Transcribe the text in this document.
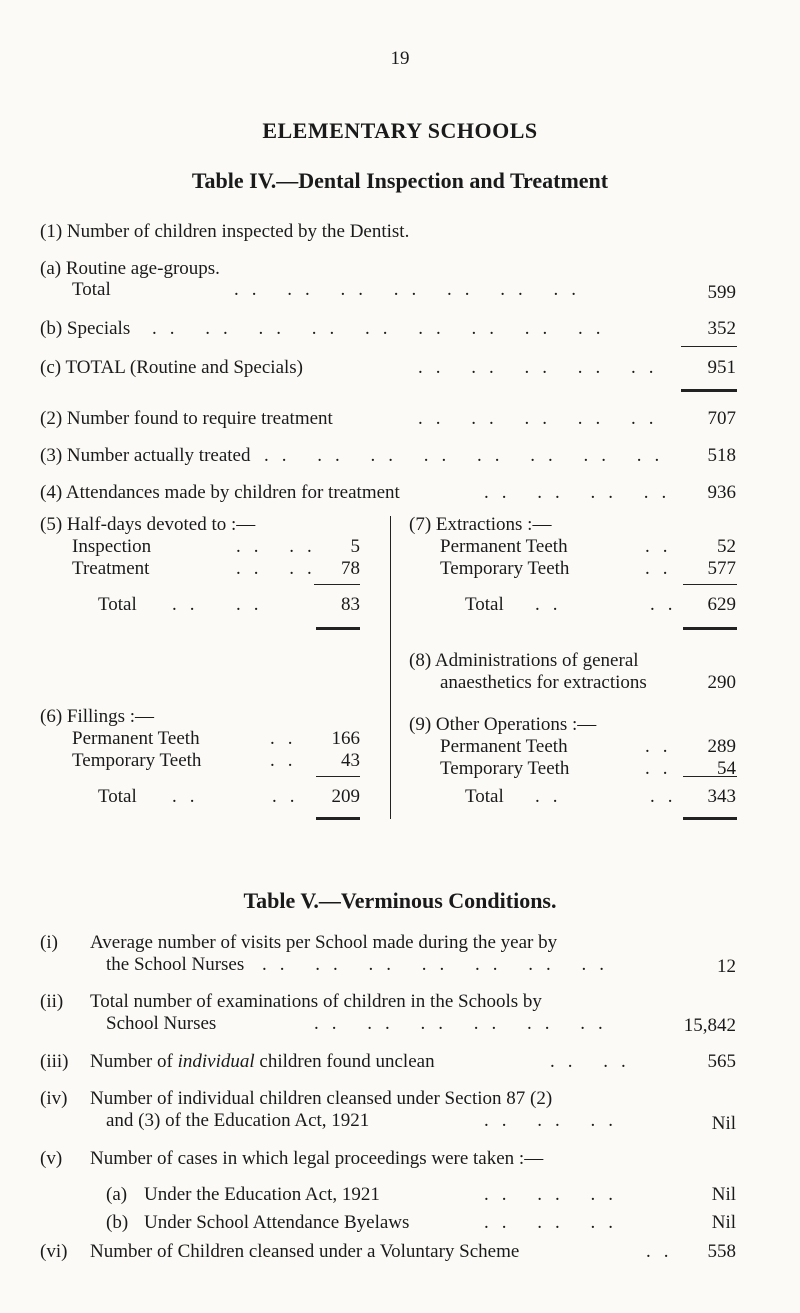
19
ELEMENTARY SCHOOLS
Table IV.—Dental Inspection and Treatment
(1) Number of children inspected by the Dentist.
(a) Routine age-groups.
Total	.. .. .. .. .. .. ..	599
(b) Specials .. .. .. .. .. .. .. .. ..	352
(c) TOTAL (Routine and Specials)	.. .. .. .. ..	951
(2) Number found to require treatment	.. .. .. .. ..	707
(3) Number actually treated .. .. .. .. .. .. .. ..	518
(4) Attendances made by children for treatment	.. .. .. ..	936
(5) Half-days devoted to :—
Inspection	.. ..	5
Treatment	.. .. 78
Total .. ..	83
(7) Extractions :—
Permanent Teeth	..	52
Temporary Teeth	..	577
Total ..	..	629
(8) Administrations of general
anaesthetics for extractions	290
(6) Fillings :—
Permanent Teeth	..	166
Temporary Teeth	..	43
Total ..	..	209
(9) Other Operations :—
Permanent Teeth	..	289
Temporary Teeth	..	54
Total ..	..	343
Table V.—Verminous Conditions.
(i) Average number of visits per School made during the year by
the School Nurses .. .. .. .. .. .. ..	12
(ii) Total number of examinations of children in the Schools by
School Nurses	.. .. .. .. .. ..	15,842
(iii) Number of individual children found unclean	.. ..	565
(iv) Number of individual children cleansed under Section 87 (2)
and (3) of the Education Act, 1921	.. .. ..	Nil
(v) Number of cases in which legal proceedings were taken :—
(a) Under the Education Act, 1921	.. .. ..	Nil
(b) Under School Attendance Byelaws	.. .. ..	Nil
(vi) Number of Children cleansed under a Voluntary Scheme	..	558
